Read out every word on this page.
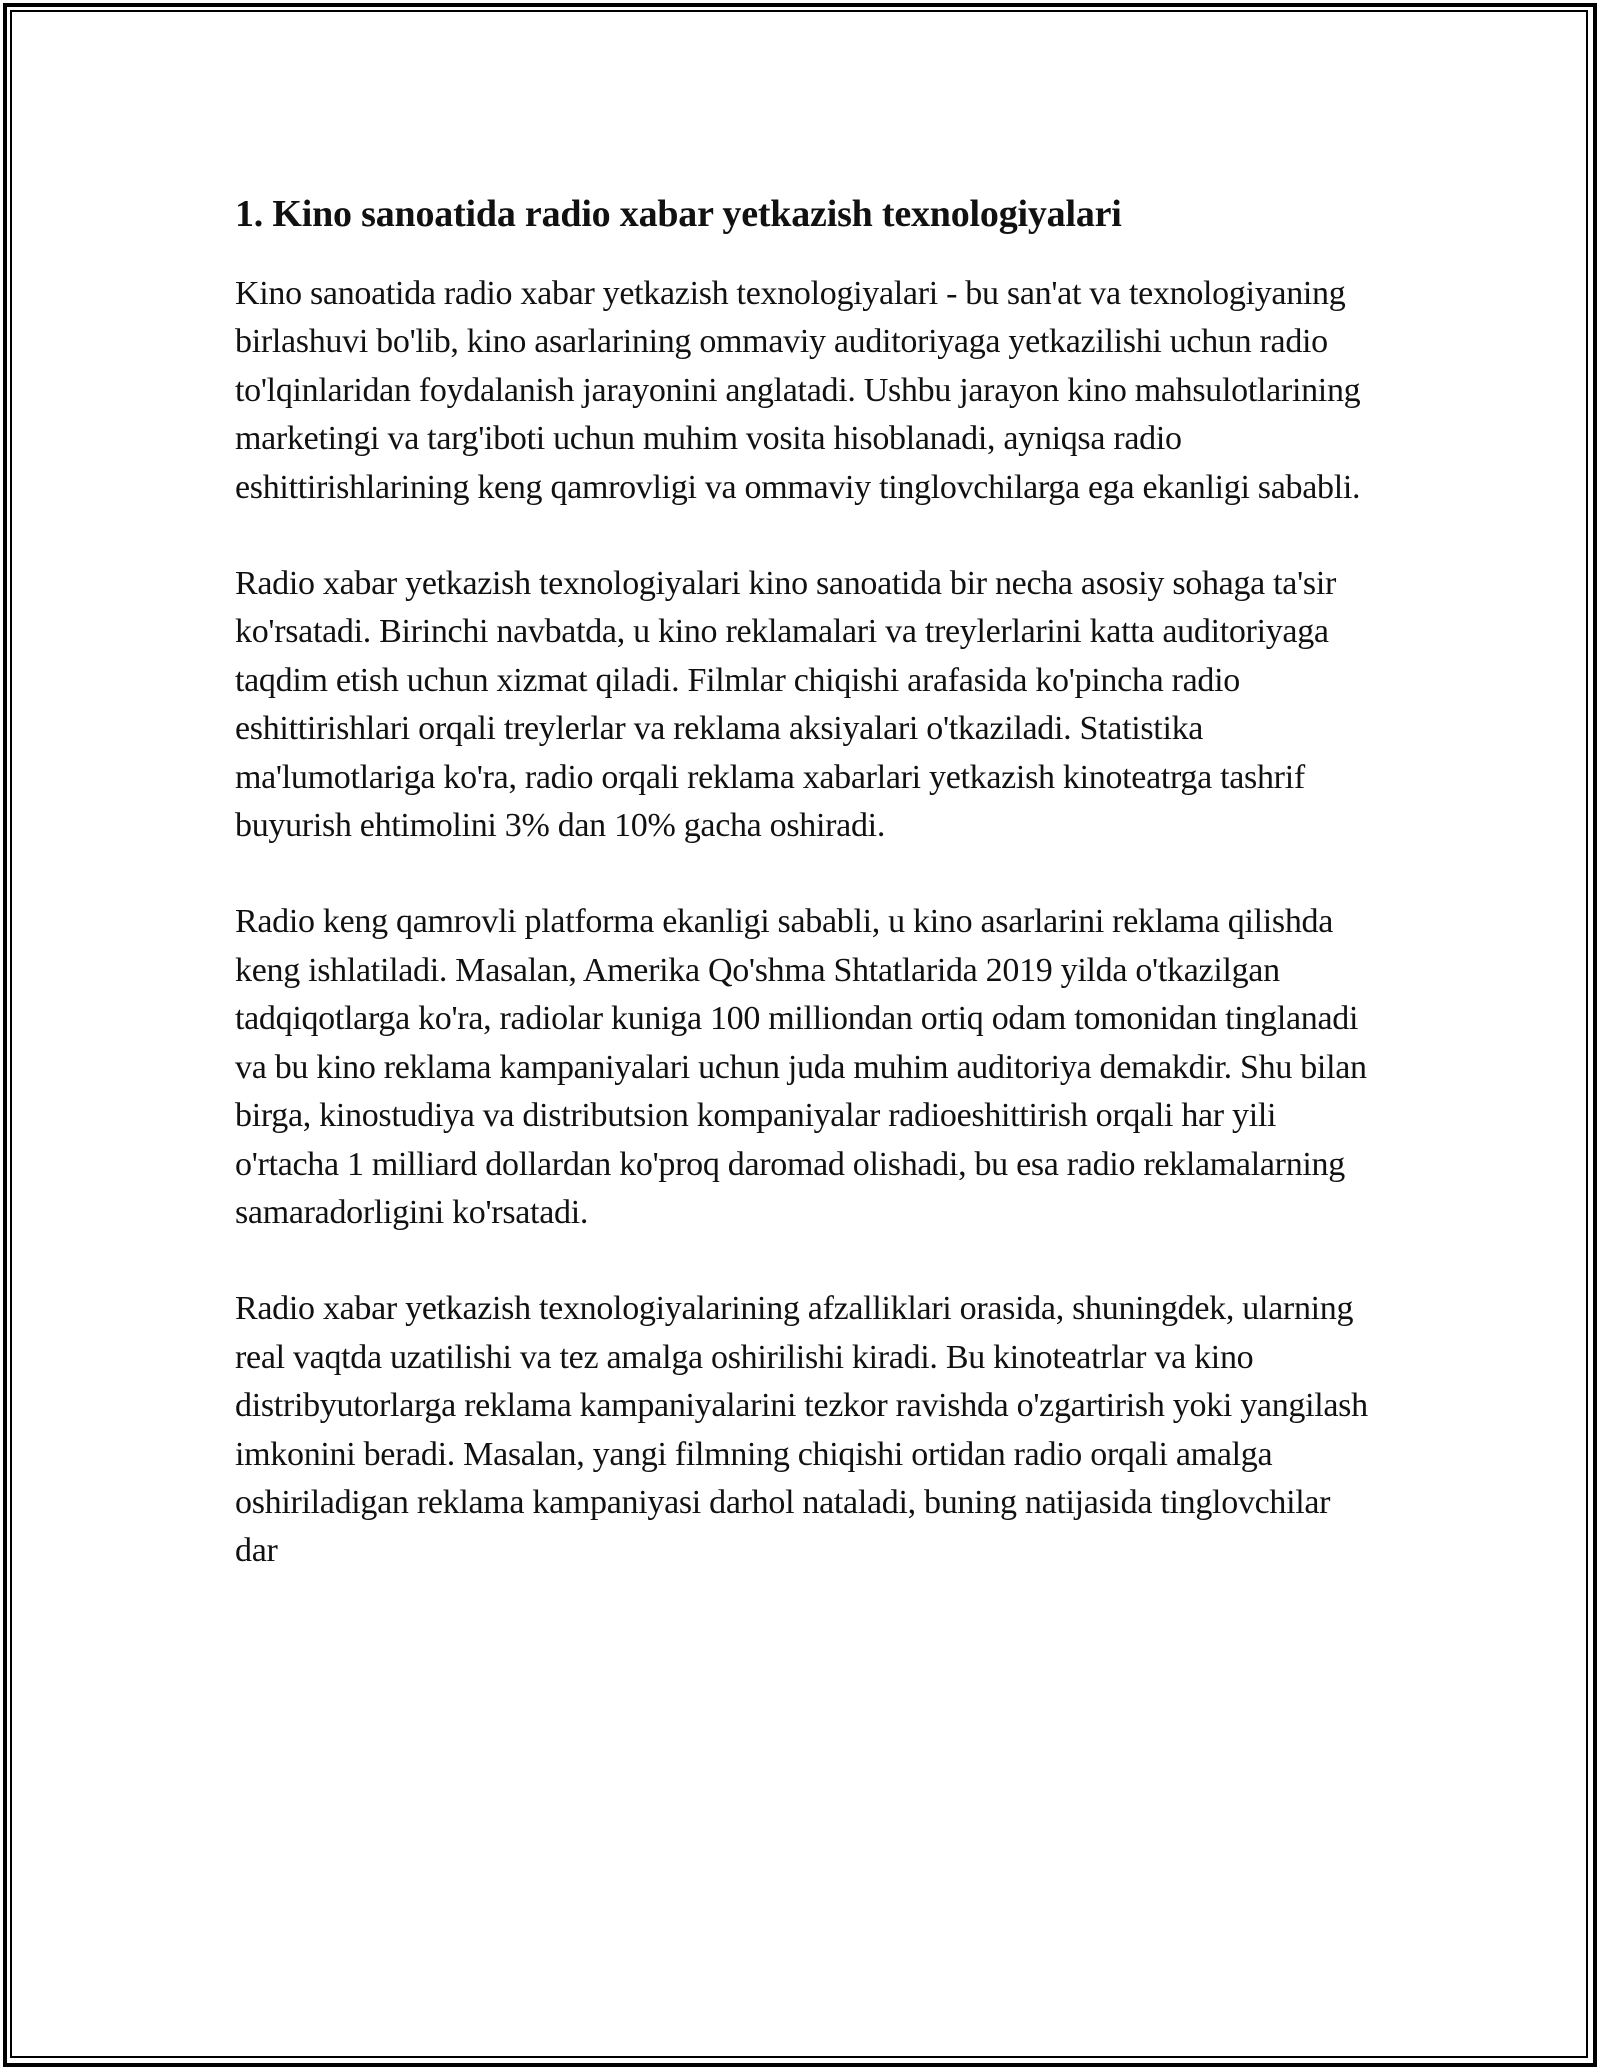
1. Kino sanoatida radio xabar yetkazish texnologiyalari

Kino sanoatida radio xabar yetkazish texnologiyalari - bu san'at va texnologiyaning birlashuvi bo'lib, kino asarlarining ommaviy auditoriyaga yetkazilishi uchun radio to'lqinlaridan foydalanish jarayonini anglatadi. Ushbu jarayon kino mahsulotlarining marketingi va targ'iboti uchun muhim vosita hisoblanadi, ayniqsa radio eshittirishlarining keng qamrovligi va ommaviy tinglovchilarga ega ekanligi sababli.

Radio xabar yetkazish texnologiyalari kino sanoatida bir necha asosiy sohaga ta'sir ko'rsatadi. Birinchi navbatda, u kino reklamalari va treylerlarini katta auditoriyaga taqdim etish uchun xizmat qiladi. Filmlar chiqishi arafasida ko'pincha radio eshittirishlari orqali treylerlar va reklama aksiyalari o'tkaziladi. Statistika ma'lumotlariga ko'ra, radio orqali reklama xabarlari yetkazish kinoteatrga tashrif buyurish ehtimolini 3% dan 10% gacha oshiradi.

Radio keng qamrovli platforma ekanligi sababli, u kino asarlarini reklama qilishda keng ishlatiladi. Masalan, Amerika Qo'shma Shtatlarida 2019 yilda o'tkazilgan tadqiqotlarga ko'ra, radiolar kuniga 100 milliondan ortiq odam tomonidan tinglanadi va bu kino reklama kampaniyalari uchun juda muhim auditoriya demakdir. Shu bilan birga, kinostudiya va distributsion kompaniyalar radioeshittirish orqali har yili o'rtacha 1 milliard dollardan ko'proq daromad olishadi, bu esa radio reklamalarning samaradorligini ko'rsatadi.

Radio xabar yetkazish texnologiyalarining afzalliklari orasida, shuningdek, ularning real vaqtda uzatilishi va tez amalga oshirilishi kiradi. Bu kinoteatrlar va kino distribyutorlarga reklama kampaniyalarini tezkor ravishda o'zgartirish yoki yangilash imkonini beradi. Masalan, yangi filmning chiqishi ortidan radio orqali amalga oshiriladigan reklama kampaniyasi darhol nataladi, buning natijasida tinglovchilar dar
